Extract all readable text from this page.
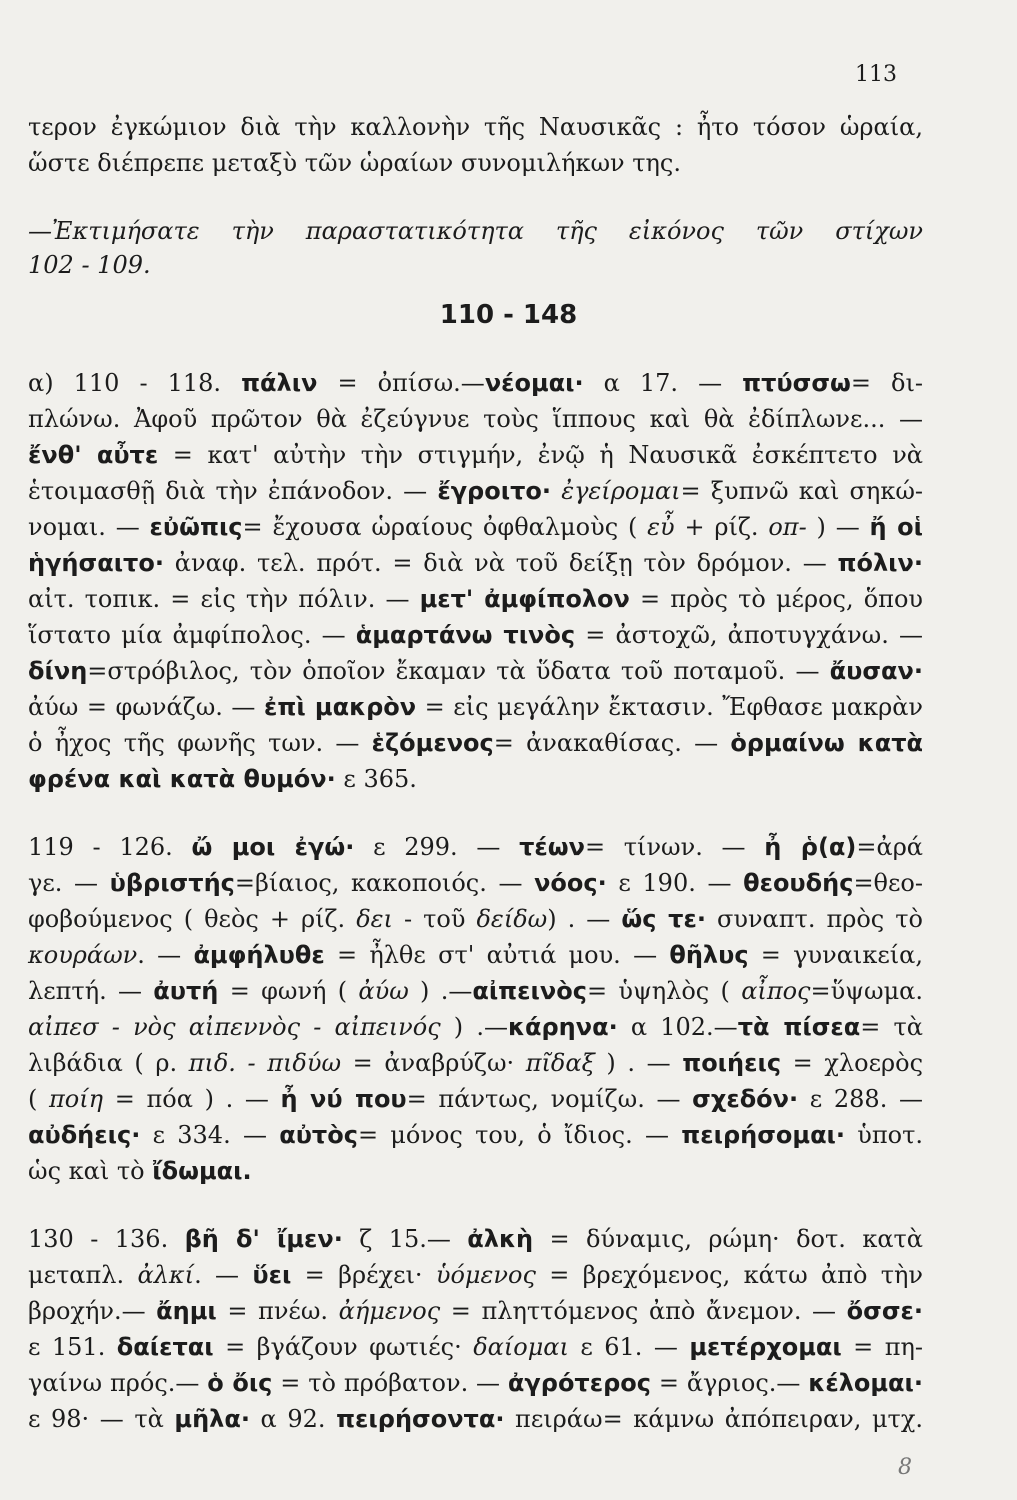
113
110 - 148
τερον ἐγκώμιον διὰ τὴν καλλονὴν τῆς Ναυσικᾶς : ἦτο τόσον ὡραία,
ὥστε διέπρεπε μεταξὺ τῶν ὡραίων συνομιλήκων της.
—Ἐκτιμήσατε τὴν παραστατικότητα τῆς εἰκόνος τῶν στίχων
102 - 109.
α) 110 - 118. πάλιν = ὀπίσω.—νέομαι· α 17. — πτύσσω= δι-
πλώνω. Ἀφοῦ πρῶτον θὰ ἐζεύγνυε τοὺς ἵππους καὶ θὰ ἐδίπλωνε... —
ἔνθ' αὖτε = κατ' αὐτὴν τὴν στιγμήν, ἐνῷ ἡ Ναυσικᾶ ἐσκέπτετο νὰ
ἑτοιμασθῇ διὰ τὴν ἐπάνοδον. — ἔγροιτο· ἐγείρομαι= ξυπνῶ καὶ σηκώ-
νομαι. — εὐῶπις= ἔχουσα ὡραίους ὀφθαλμοὺς ( εὖ + ρίζ. οπ- ) — ἤ οἱ
ἡγήσαιτο· ἀναφ. τελ. πρότ. = διὰ νὰ τοῦ δείξῃ τὸν δρόμον. — πόλιν·
αἰτ. τοπικ. = εἰς τὴν πόλιν. — μετ' ἀμφίπολον = πρὸς τὸ μέρος, ὅπου
ἵστατο μία ἀμφίπολος. — ἁμαρτάνω τινὸς = ἀστοχῶ, ἀποτυγχάνω. —
δίνη=στρόβιλος, τὸν ὁποῖον ἔκαμαν τὰ ὕδατα τοῦ ποταμοῦ. — ἄυσαν·
ἀύω = φωνάζω. — ἐπὶ μακρὸν = εἰς μεγάλην ἔκτασιν. Ἔφθασε μακρὰν
ὁ ἦχος τῆς φωνῆς των. — ἑζόμενος= ἀνακαθίσας. — ὁρμαίνω κατὰ
φρένα καὶ κατὰ θυμόν· ε 365.
119 - 126. ὤ μοι ἐγώ· ε 299. — τέων= τίνων. — ἦ ῥ(α)=ἀρά
γε. — ὑβριστής=βίαιος, κακοποιός. — νόος· ε 190. — θεουδής=θεο-
φοβούμενος ( θεὸς + ρίζ. δει - τοῦ δείδω) . — ὥς τε· συναπτ. πρὸς τὸ
κουράων. — ἀμφήλυθε = ἦλθε στ' αὐτιά μου. — θῆλυς = γυναικεία,
λεπτή. — ἀυτή = φωνή ( ἀύω ) .—αἰπεινὸς= ὑψηλὸς ( αἶπος=ὕψωμα.
αἰπεσ - νὸς αἰπεννὸς - αἰπεινός ) .—κάρηνα· α 102.—τὰ πίσεα= τὰ
λιβάδια ( ρ. πιδ. - πιδύω = ἀναβρύζω· πῖδαξ ) . — ποιήεις = χλοερὸς
( ποίη = πόα ) . — ἦ νύ που= πάντως, νομίζω. — σχεδόν· ε 288. —
αὐδήεις· ε 334. — αὐτὸς= μόνος του, ὁ ἴδιος. — πειρήσομαι· ὑποτ.
ὡς καὶ τὸ ἴδωμαι.
130 - 136. βῆ δ' ἴμεν· ζ 15.— ἀλκὴ = δύναμις, ρώμη· δοτ. κατὰ
μεταπλ. ἀλκί. — ὕει = βρέχει· ὑόμενος = βρεχόμενος, κάτω ἀπὸ τὴν
βροχήν.— ἄημι = πνέω. ἀήμενος = πληττόμενος ἀπὸ ἄνεμον. — ὄσσε·
ε 151. δαίεται = βγάζουν φωτιές· δαίομαι ε 61. — μετέρχομαι = πη-
γαίνω πρός.— ὁ ὄις = τὸ πρόβατον. — ἀγρότερος = ἄγριος.— κέλομαι·
ε 98· — τὰ μῆλα· α 92. πειρήσοντα· πειράω= κάμνω ἀπόπειραν, μτχ.
8
